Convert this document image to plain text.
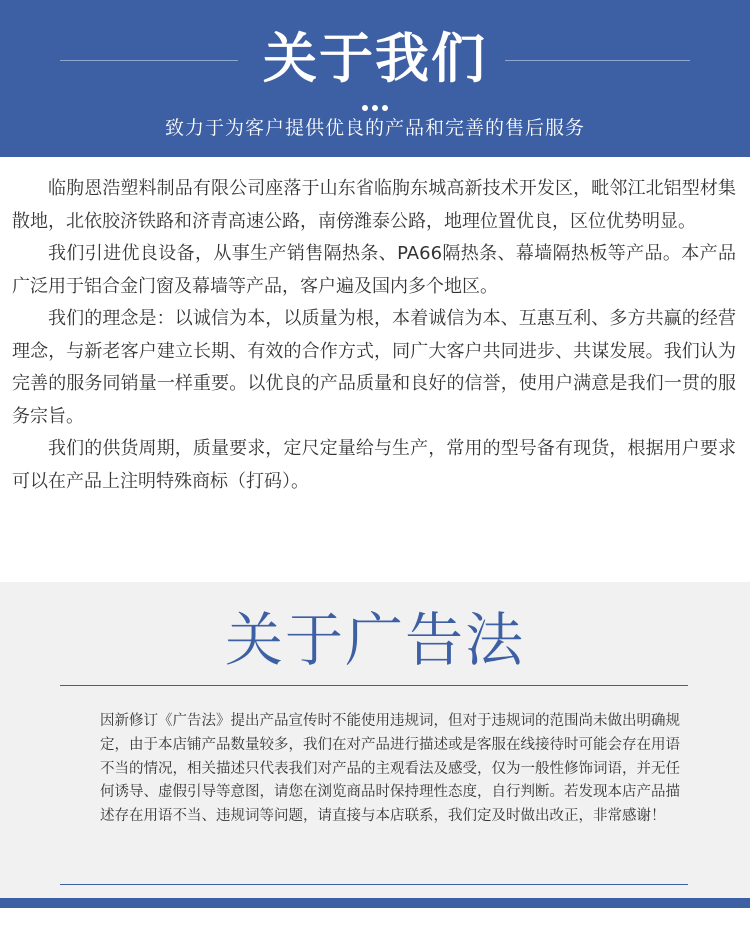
关于我们
致力于为客户提供优良的产品和完善的售后服务

临朐恩浩塑料制品有限公司座落于山东省临朐东城高新技术开发区，毗邻江北铝型材集散地，北依胶济铁路和济青高速公路，南傍潍泰公路，地理位置优良，区位优势明显。

我们引进优良设备，从事生产销售隔热条、PA66隔热条、幕墙隔热板等产品。本产品广泛用于铝合金门窗及幕墙等产品，客户遍及国内多个地区。

我们的理念是：以诚信为本，以质量为根，本着诚信为本、互惠互利、多方共赢的经营理念，与新老客户建立长期、有效的合作方式，同广大客户共同进步、共谋发展。我们认为完善的服务同销量一样重要。以优良的产品质量和良好的信誉，使用户满意是我们一贯的服务宗旨。

我们的供货周期，质量要求，定尺定量给与生产，常用的型号备有现货，根据用户要求可以在产品上注明特殊商标（打码）。

关于广告法
因新修订《广告法》提出产品宣传时不能使用违规词，但对于违规词的范围尚未做出明确规定，由于本店铺产品数量较多，我们在对产品进行描述或是客服在线接待时可能会存在用语不当的情况，相关描述只代表我们对产品的主观看法及感受，仅为一般性修饰词语，并无任何诱导、虚假引导等意图，请您在浏览商品时保持理性态度，自行判断。若发现本店产品描述存在用语不当、违规词等问题，请直接与本店联系，我们定及时做出改正，非常感谢！
